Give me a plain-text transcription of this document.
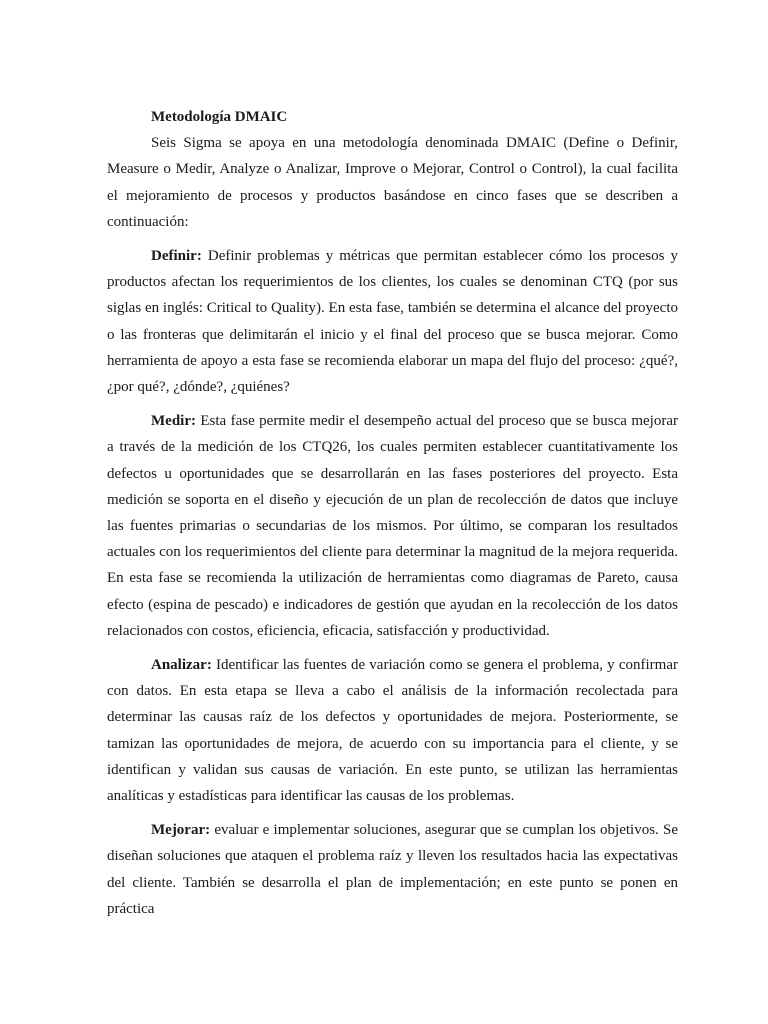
Metodología DMAIC

Seis Sigma se apoya en una metodología denominada DMAIC (Define o Definir, Measure o Medir, Analyze o Analizar, Improve o Mejorar, Control o Control), la cual facilita el mejoramiento de procesos y productos basándose en cinco fases que se describen a continuación:

Definir: Definir problemas y métricas que permitan establecer cómo los procesos y productos afectan los requerimientos de los clientes, los cuales se denominan CTQ (por sus siglas en inglés: Critical to Quality). En esta fase, también se determina el alcance del proyecto o las fronteras que delimitarán el inicio y el final del proceso que se busca mejorar. Como herramienta de apoyo a esta fase se recomienda elaborar un mapa del flujo del proceso: ¿qué?, ¿por qué?, ¿dónde?, ¿quiénes?

Medir: Esta fase permite medir el desempeño actual del proceso que se busca mejorar a través de la medición de los CTQ26, los cuales permiten establecer cuantitativamente los defectos u oportunidades que se desarrollarán en las fases posteriores del proyecto. Esta medición se soporta en el diseño y ejecución de un plan de recolección de datos que incluye las fuentes primarias o secundarias de los mismos. Por último, se comparan los resultados actuales con los requerimientos del cliente para determinar la magnitud de la mejora requerida. En esta fase se recomienda la utilización de herramientas como diagramas de Pareto, causa efecto (espina de pescado) e indicadores de gestión que ayudan en la recolección de los datos relacionados con costos, eficiencia, eficacia, satisfacción y productividad.

Analizar: Identificar las fuentes de variación como se genera el problema, y confirmar con datos. En esta etapa se lleva a cabo el análisis de la información recolectada para determinar las causas raíz de los defectos y oportunidades de mejora. Posteriormente, se tamizan las oportunidades de mejora, de acuerdo con su importancia para el cliente, y se identifican y validan sus causas de variación. En este punto, se utilizan las herramientas analíticas y estadísticas para identificar las causas de los problemas.

Mejorar: evaluar e implementar soluciones, asegurar que se cumplan los objetivos. Se diseñan soluciones que ataquen el problema raíz y lleven los resultados hacia las expectativas del cliente. También se desarrolla el plan de implementación; en este punto se ponen en práctica
